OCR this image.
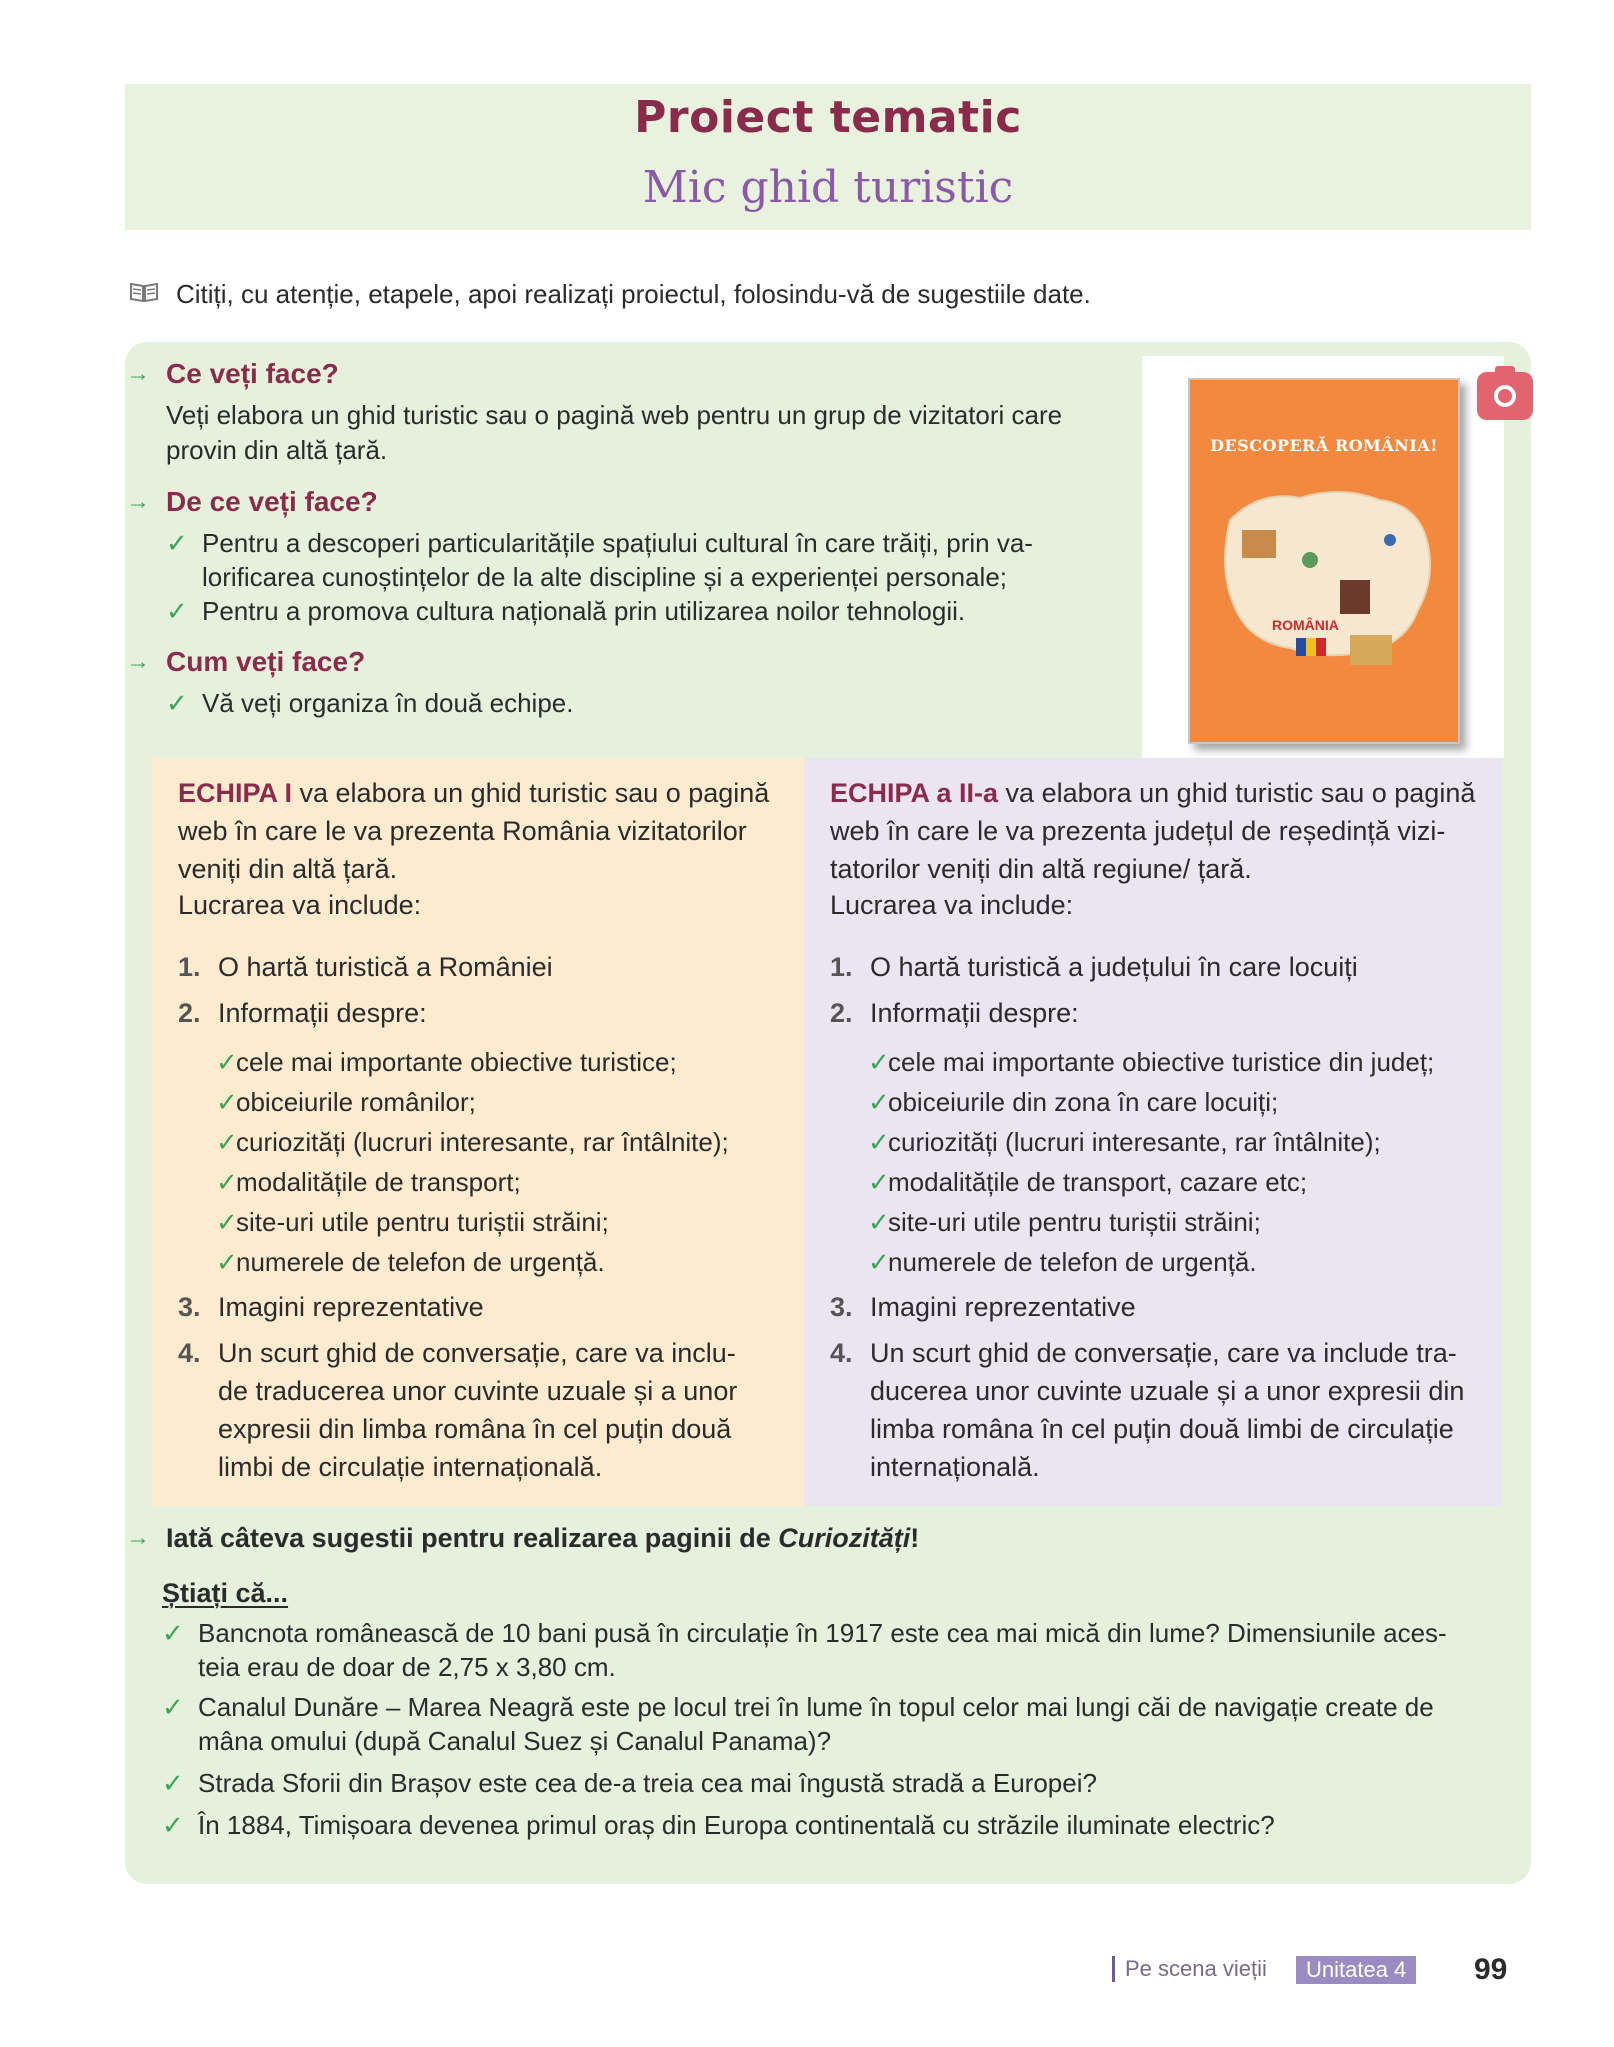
Proiect tematic
Mic ghid turistic
Citiți, cu atenție, etapele, apoi realizați proiectul, folosindu-vă de sugestiile date.
DESCOPERĂ ROMÂNIA!
ROMÂNIA
→ Ce veți face?
Veți elabora un ghid turistic sau o pagină web pentru un grup de vizitatori care
provin din altă țară.
→ De ce veți face?
✓ Pentru a descoperi particularitățile spațiului cultural în care trăiți, prin va-
lorificarea cunoștințelor de la alte discipline și a experienței personale;
✓ Pentru a promova cultura națională prin utilizarea noilor tehnologii.
→ Cum veți face?
✓ Vă veți organiza în două echipe.
ECHIPA I va elabora un ghid turistic sau o pagină
web în care le va prezenta România vizitatorilor
veniți din altă țară.
Lucrarea va include:
1. O hartă turistică a României
2. Informații despre:
✓
cele mai importante obiective turistice;
✓
obiceiurile românilor;
✓
curiozități (lucruri interesante, rar întâlnite);
✓
modalitățile de transport;
✓
site-uri utile pentru turiștii străini;
✓
numerele de telefon de urgență.
3. Imagini reprezentative
4. Un scurt ghid de conversație, care va inclu-
de traducerea unor cuvinte uzuale și a unor
expresii din limba româna în cel puțin două
limbi de circulație internațională.
ECHIPA a II-a va elabora un ghid turistic sau o pagină
web în care le va prezenta județul de reședință vizi-
tatorilor veniți din altă regiune/ țară.
Lucrarea va include:
1. O hartă turistică a județului în care locuiți
2. Informații despre:
✓
cele mai importante obiective turistice din județ;
✓
obiceiurile din zona în care locuiți;
✓
curiozități (lucruri interesante, rar întâlnite);
✓
modalitățile de transport, cazare etc;
✓
site-uri utile pentru turiștii străini;
✓
numerele de telefon de urgență.
3. Imagini reprezentative
4. Un scurt ghid de conversație, care va include tra-
ducerea unor cuvinte uzuale și a unor expresii din
limba româna în cel puțin două limbi de circulație
internațională.
→ Iată câteva sugestii pentru realizarea paginii de Curiozități!
Știați că...
✓ Bancnota românească de 10 bani pusă în circulație în 1917 este cea mai mică din lume? Dimensiunile aces-
teia erau de doar de 2,75 x 3,80 cm.
✓ Canalul Dunăre – Marea Neagră este pe locul trei în lume în topul celor mai lungi căi de navigație create de
mâna omului (după Canalul Suez și Canalul Panama)?
✓ Strada Sforii din Brașov este cea de-a treia cea mai îngustă stradă a Europei?
✓ În 1884, Timișoara devenea primul oraș din Europa continentală cu străzile iluminate electric?
Pe scena vieții	Unitatea 4	99
